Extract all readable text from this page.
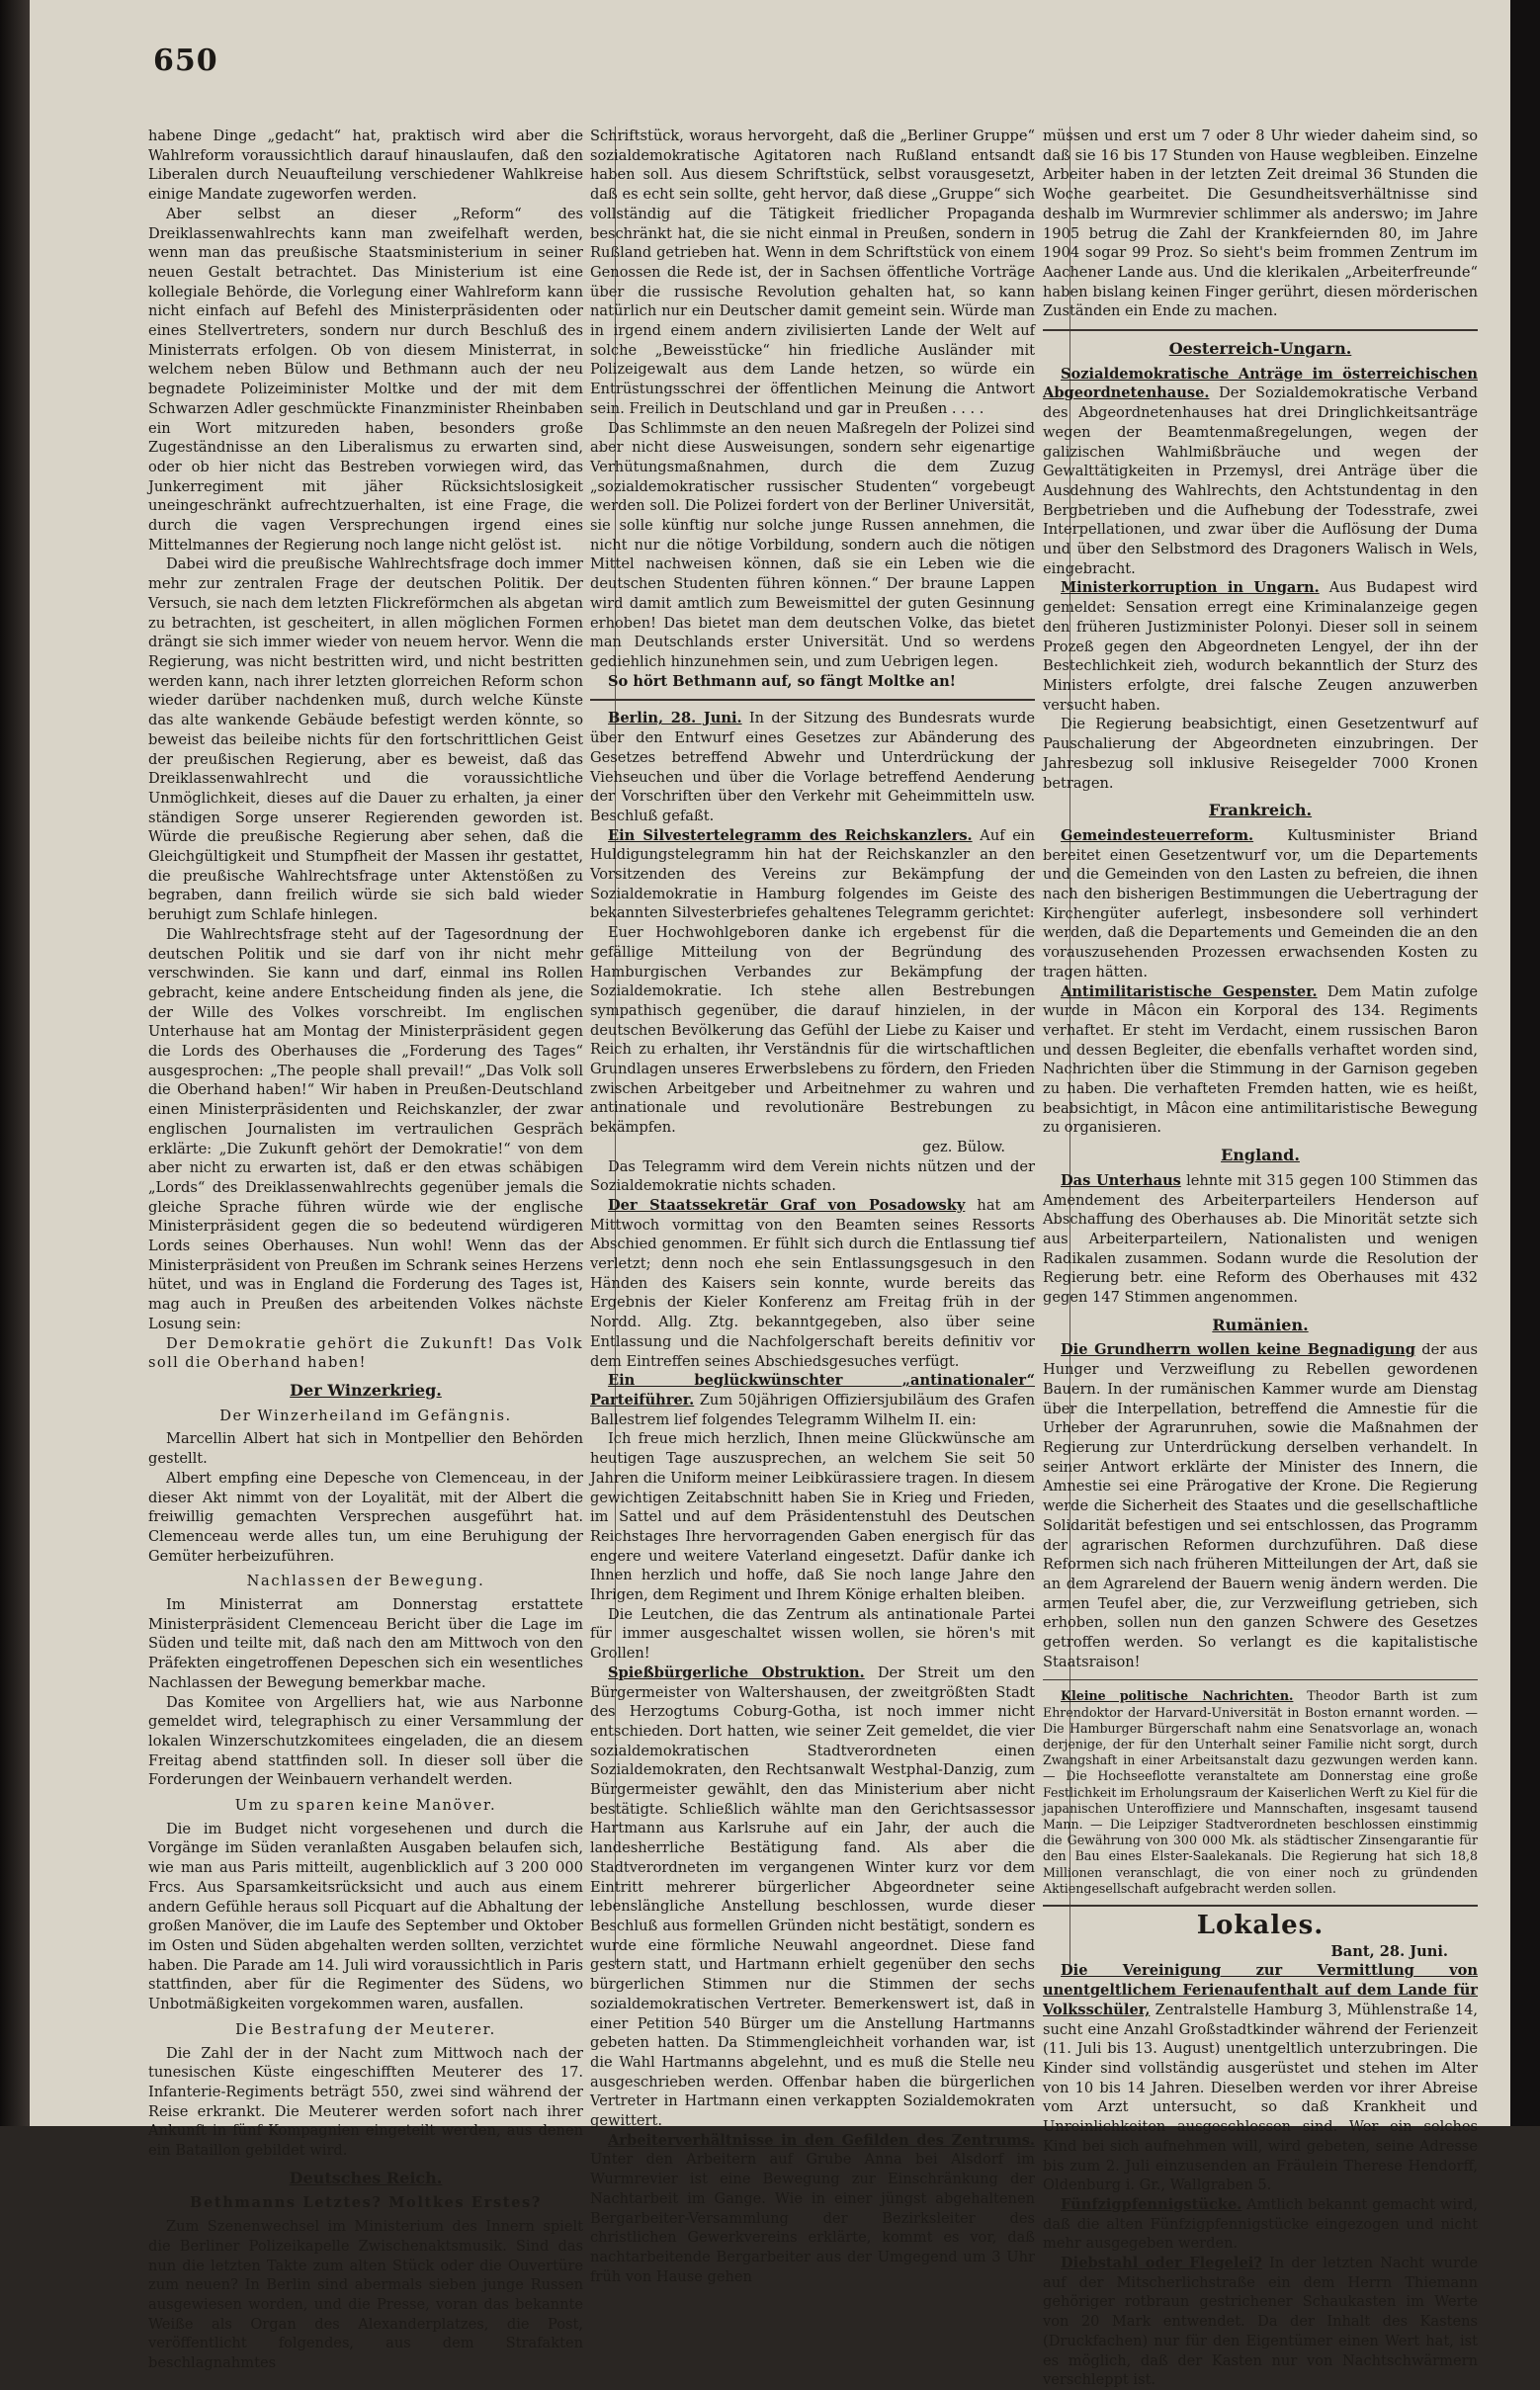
650

habene Dinge „gedacht“ hat, praktisch wird aber die Wahlreform voraussichtlich darauf hinauslaufen, daß den Liberalen durch Neuaufteilung verschiedener Wahlkreise einige Mandate zugeworfen werden.

Aber selbst an dieser „Reform“ des Dreiklassenwahlrechts kann man zweifelhaft werden, wenn man das preußische Staatsministerium in seiner neuen Gestalt betrachtet. Das Ministerium ist eine kollegiale Behörde, die Vorlegung einer Wahlreform kann nicht einfach auf Befehl des Ministerpräsidenten oder eines Stellvertreters, sondern nur durch Beschluß des Ministerrats erfolgen. Ob von diesem Ministerrat, in welchem neben Bülow und Bethmann auch der neu begnadete Polizeiminister Moltke und der mit dem Schwarzen Adler geschmückte Finanzminister Rheinbaben ein Wort mitzureden haben, besonders große Zugeständnisse an den Liberalismus zu erwarten sind, oder ob hier nicht das Bestreben vorwiegen wird, das Junkerregiment mit jäher Rücksichtslosigkeit uneingeschränkt aufrechtzuerhalten, ist eine Frage, die durch die vagen Versprechungen irgend eines Mittelmannes der Regierung noch lange nicht gelöst ist.

Dabei wird die preußische Wahlrechtsfrage doch immer mehr zur zentralen Frage der deutschen Politik. Der Versuch, sie nach dem letzten Flickreförmchen als abgetan zu betrachten, ist gescheitert, in allen möglichen Formen drängt sie sich immer wieder von neuem hervor. Wenn die Regierung, was nicht bestritten wird, und nicht bestritten werden kann, nach ihrer letzten glorreichen Reform schon wieder darüber nachdenken muß, durch welche Künste das alte wankende Gebäude befestigt werden könnte, so beweist das beileibe nichts für den fortschrittlichen Geist der preußischen Regierung, aber es beweist, daß das Dreiklassenwahlrecht und die voraussichtliche Unmöglichkeit, dieses auf die Dauer zu erhalten, ja einer ständigen Sorge unserer Regierenden geworden ist. Würde die preußische Regierung aber sehen, daß die Gleichgültigkeit und Stumpfheit der Massen ihr gestattet, die preußische Wahlrechtsfrage unter Aktenstößen zu begraben, dann freilich würde sie sich bald wieder beruhigt zum Schlafe hinlegen.

Die Wahlrechtsfrage steht auf der Tagesordnung der deutschen Politik und sie darf von ihr nicht mehr verschwinden. Sie kann und darf, einmal ins Rollen gebracht, keine andere Entscheidung finden als jene, die der Wille des Volkes vorschreibt. Im englischen Unterhause hat am Montag der Ministerpräsident gegen die Lords des Oberhauses die „Forderung des Tages“ ausgesprochen: „The people shall prevail!“ „Das Volk soll die Oberhand haben!“ Wir haben in Preußen-Deutschland einen Ministerpräsidenten und Reichskanzler, der zwar englischen Journalisten im vertraulichen Gespräch erklärte: „Die Zukunft gehört der Demokratie!“ von dem aber nicht zu erwarten ist, daß er den etwas schäbigen „Lords“ des Dreiklassenwahlrechts gegenüber jemals die gleiche Sprache führen würde wie der englische Ministerpräsident gegen die so bedeutend würdigeren Lords seines Oberhauses. Nun wohl! Wenn das der Ministerpräsident von Preußen im Schrank seines Herzens hütet, und was in England die Forderung des Tages ist, mag auch in Preußen des arbeitenden Volkes nächste Losung sein:

Der Demokratie gehört die Zukunft! Das Volk soll die Oberhand haben!

Der Winzerkrieg.
Der Winzerheiland im Gefängnis.

Marcellin Albert hat sich in Montpellier den Behörden gestellt.

Albert empfing eine Depesche von Clemenceau, in der dieser Akt nimmt von der Loyalität, mit der Albert die freiwillig gemachten Versprechen ausgeführt hat. Clemenceau werde alles tun, um eine Beruhigung der Gemüter herbeizuführen.

Nachlassen der Bewegung.

Im Ministerrat am Donnerstag erstattete Ministerpräsident Clemenceau Bericht über die Lage im Süden und teilte mit, daß nach den am Mittwoch von den Präfekten eingetroffenen Depeschen sich ein wesentliches Nachlassen der Bewegung bemerkbar mache.

Das Komitee von Argelliers hat, wie aus Narbonne gemeldet wird, telegraphisch zu einer Versammlung der lokalen Winzerschutzkomitees eingeladen, die an diesem Freitag abend stattfinden soll. In dieser soll über die Forderungen der Weinbauern verhandelt werden.

Um zu sparen keine Manöver.

Die im Budget nicht vorgesehenen und durch die Vorgänge im Süden veranlaßten Ausgaben belaufen sich, wie man aus Paris mitteilt, augenblicklich auf 3 200 000 Frcs. Aus Sparsamkeitsrücksicht und auch aus einem andern Gefühle heraus soll Picquart auf die Abhaltung der großen Manöver, die im Laufe des September und Oktober im Osten und Süden abgehalten werden sollten, verzichtet haben. Die Parade am 14. Juli wird voraussichtlich in Paris stattfinden, aber für die Regimenter des Südens, wo Unbotmäßigkeiten vorgekommen waren, ausfallen.

Die Bestrafung der Meuterer.

Die Zahl der in der Nacht zum Mittwoch nach der tunesischen Küste eingeschifften Meuterer des 17. Infanterie-Regiments beträgt 550, zwei sind während der Reise erkrankt. Die Meuterer werden sofort nach ihrer Ankunft in fünf Kompagnien eingeteilt werden, aus denen ein Bataillon gebildet wird.

Deutsches Reich.
Bethmanns Letztes? Moltkes Erstes?

Zum Szenenwechsel im Ministerium des Innern spielt die Berliner Polizeikapelle Zwischenaktsmusik. Sind das nun die letzten Takte zum alten Stück oder die Ouvertüre zum neuen? In Berlin sind abermals sieben junge Russen ausgewiesen worden, und die Presse, voran das bekannte Weiße als Organ des Alexanderplatzes, die Post, veröffentlicht folgendes, aus dem Strafakten beschlagnahmtes

Schriftstück, woraus hervorgeht, daß die „Berliner Gruppe“ sozialdemokratische Agitatoren nach Rußland entsandt haben soll. Aus diesem Schriftstück, selbst vorausgesetzt, daß es echt sein sollte, geht hervor, daß diese „Gruppe“ sich vollständig auf die Tätigkeit friedlicher Propaganda beschränkt hat, die sie nicht einmal in Preußen, sondern in Rußland getrieben hat. Wenn in dem Schriftstück von einem Genossen die Rede ist, der in Sachsen öffentliche Vorträge über die russische Revolution gehalten hat, so kann natürlich nur ein Deutscher damit gemeint sein. Würde man in irgend einem andern zivilisierten Lande der Welt auf solche „Beweisstücke“ hin friedliche Ausländer mit Polizeigewalt aus dem Lande hetzen, so würde ein Entrüstungsschrei der öffentlichen Meinung die Antwort sein. Freilich in Deutschland und gar in Preußen . . . .

Das Schlimmste an den neuen Maßregeln der Polizei sind aber nicht diese Ausweisungen, sondern sehr eigenartige Verhütungsmaßnahmen, durch die dem Zuzug „sozialdemokratischer russischer Studenten“ vorgebeugt werden soll. Die Polizei fordert von der Berliner Universität, sie solle künftig nur solche junge Russen annehmen, die nicht nur die nötige Vorbildung, sondern auch die nötigen Mittel nachweisen können, daß sie ein Leben wie die deutschen Studenten führen können.“ Der braune Lappen wird damit amtlich zum Beweismittel der guten Gesinnung erhoben! Das bietet man dem deutschen Volke, das bietet man Deutschlands erster Universität. Und so werdens gediehlich hinzunehmen sein, und zum Uebrigen legen.

So hört Bethmann auf, so fängt Moltke an!

Berlin, 28. Juni. In der Sitzung des Bundesrats wurde über den Entwurf eines Gesetzes zur Abänderung des Gesetzes betreffend Abwehr und Unterdrückung der Viehseuchen und über die Vorlage betreffend Aenderung der Vorschriften über den Verkehr mit Geheimmitteln usw. Beschluß gefaßt.

Ein Silvestertelegramm des Reichskanzlers. Auf ein Huldigungstelegramm hin hat der Reichskanzler an den Vorsitzenden des Vereins zur Bekämpfung der Sozialdemokratie in Hamburg folgendes im Geiste des bekannten Silvesterbriefes gehaltenes Telegramm gerichtet:

Euer Hochwohlgeboren danke ich ergebenst für die gefällige Mitteilung von der Begründung des Hamburgischen Verbandes zur Bekämpfung der Sozialdemokratie. Ich stehe allen Bestrebungen sympathisch gegenüber, die darauf hinzielen, in der deutschen Bevölkerung das Gefühl der Liebe zu Kaiser und Reich zu erhalten, ihr Verständnis für die wirtschaftlichen Grundlagen unseres Erwerbslebens zu fördern, den Frieden zwischen Arbeitgeber und Arbeitnehmer zu wahren und antinationale und revolutionäre Bestrebungen zu bekämpfen.

gez. Bülow.

Das Telegramm wird dem Verein nichts nützen und der Sozialdemokratie nichts schaden.

Der Staatssekretär Graf von Posadowsky hat am Mittwoch vormittag von den Beamten seines Ressorts Abschied genommen. Er fühlt sich durch die Entlassung tief verletzt; denn noch ehe sein Entlassungsgesuch in den Händen des Kaisers sein konnte, wurde bereits das Ergebnis der Kieler Konferenz am Freitag früh in der Nordd. Allg. Ztg. bekanntgegeben, also über seine Entlassung und die Nachfolgerschaft bereits definitiv vor dem Eintreffen seines Abschiedsgesuches verfügt.

Ein beglückwünschter „antinationaler“ Parteiführer. Zum 50jährigen Offiziersjubiläum des Grafen Ballestrem lief folgendes Telegramm Wilhelm II. ein:

Ich freue mich herzlich, Ihnen meine Glückwünsche am heutigen Tage auszusprechen, an welchem Sie seit 50 Jahren die Uniform meiner Leibkürassiere tragen. In diesem gewichtigen Zeitabschnitt haben Sie in Krieg und Frieden, im Sattel und auf dem Präsidentenstuhl des Deutschen Reichstages Ihre hervorragenden Gaben energisch für das engere und weitere Vaterland eingesetzt. Dafür danke ich Ihnen herzlich und hoffe, daß Sie noch lange Jahre den Ihrigen, dem Regiment und Ihrem Könige erhalten bleiben.

Die Leutchen, die das Zentrum als antinationale Partei für immer ausgeschaltet wissen wollen, sie hören's mit Grollen!

Spießbürgerliche Obstruktion. Der Streit um den Bürgermeister von Waltershausen, der zweitgrößten Stadt des Herzogtums Coburg-Gotha, ist noch immer nicht entschieden. Dort hatten, wie seiner Zeit gemeldet, die vier sozialdemokratischen Stadtverordneten einen Sozialdemokraten, den Rechtsanwalt Westphal-Danzig, zum Bürgermeister gewählt, den das Ministerium aber nicht bestätigte. Schließlich wählte man den Gerichtsassessor Hartmann aus Karlsruhe auf ein Jahr, der auch die landesherrliche Bestätigung fand. Als aber die Stadtverordneten im vergangenen Winter kurz vor dem Eintritt mehrerer bürgerlicher Abgeordneter seine lebenslängliche Anstellung beschlossen, wurde dieser Beschluß aus formellen Gründen nicht bestätigt, sondern es wurde eine förmliche Neuwahl angeordnet. Diese fand gestern statt, und Hartmann erhielt gegenüber den sechs bürgerlichen Stimmen nur die Stimmen der sechs sozialdemokratischen Vertreter. Bemerkenswert ist, daß in einer Petition 540 Bürger um die Anstellung Hartmanns gebeten hatten. Da Stimmengleichheit vorhanden war, ist die Wahl Hartmanns abgelehnt, und es muß die Stelle neu ausgeschrieben werden. Offenbar haben die bürgerlichen Vertreter in Hartmann einen verkappten Sozialdemokraten gewittert.

Arbeiterverhältnisse in den Gefilden des Zentrums. Unter den Arbeitern auf Grube Anna bei Alsdorf im Wurmrevier ist eine Bewegung zur Einschränkung der Nachtarbeit im Gange. Wie in einer jüngst abgehaltenen Bergarbeiter-Versammlung der Bezirksleiter des christlichen Gewerkvereins erklärte, kommt es vor, daß nachtarbeitende Bergarbeiter aus der Umgegend um 3 Uhr früh von Hause gehen

müssen und erst um 7 oder 8 Uhr wieder daheim sind, so daß sie 16 bis 17 Stunden von Hause wegbleiben. Einzelne Arbeiter haben in der letzten Zeit dreimal 36 Stunden die Woche gearbeitet. Die Gesundheitsverhältnisse sind deshalb im Wurmrevier schlimmer als anderswo; im Jahre 1905 betrug die Zahl der Krankfeiernden 80, im Jahre 1904 sogar 99 Proz. So sieht's beim frommen Zentrum im Aachener Lande aus. Und die klerikalen „Arbeiterfreunde“ haben bislang keinen Finger gerührt, diesen mörderischen Zuständen ein Ende zu machen.

Oesterreich-Ungarn.

Sozialdemokratische Anträge im österreichischen Abgeordnetenhause. Der Sozialdemokratische Verband des Abgeordnetenhauses hat drei Dringlichkeitsanträge wegen der Beamtenmaßregelungen, wegen der galizischen Wahlmißbräuche und wegen der Gewalttätigkeiten in Przemysl, drei Anträge über die Ausdehnung des Wahlrechts, den Achtstundentag in den Bergbetrieben und die Aufhebung der Todesstrafe, zwei Interpellationen, und zwar über die Auflösung der Duma und über den Selbstmord des Dragoners Walisch in Wels, eingebracht.

Ministerkorruption in Ungarn. Aus Budapest wird gemeldet: Sensation erregt eine Kriminalanzeige gegen den früheren Justizminister Polonyi. Dieser soll in seinem Prozeß gegen den Abgeordneten Lengyel, der ihn der Bestechlichkeit zieh, wodurch bekanntlich der Sturz des Ministers erfolgte, drei falsche Zeugen anzuwerben versucht haben.

Die Regierung beabsichtigt, einen Gesetzentwurf auf Pauschalierung der Abgeordneten einzubringen. Der Jahresbezug soll inklusive Reisegelder 7000 Kronen betragen.

Frankreich.

Gemeindesteuerreform. Kultusminister Briand bereitet einen Gesetzentwurf vor, um die Departements und die Gemeinden von den Lasten zu befreien, die ihnen nach den bisherigen Bestimmungen die Uebertragung der Kirchengüter auferlegt, insbesondere soll verhindert werden, daß die Departements und Gemeinden die an den vorauszusehenden Prozessen erwachsenden Kosten zu tragen hätten.

Antimilitaristische Gespenster. Dem Matin zufolge wurde in Mâcon ein Korporal des 134. Regiments verhaftet. Er steht im Verdacht, einem russischen Baron und dessen Begleiter, die ebenfalls verhaftet worden sind, Nachrichten über die Stimmung in der Garnison gegeben zu haben. Die verhafteten Fremden hatten, wie es heißt, beabsichtigt, in Mâcon eine antimilitaristische Bewegung zu organisieren.

England.

Das Unterhaus lehnte mit 315 gegen 100 Stimmen das Amendement des Arbeiterparteilers Henderson auf Abschaffung des Oberhauses ab. Die Minorität setzte sich aus Arbeiterparteilern, Nationalisten und wenigen Radikalen zusammen. Sodann wurde die Resolution der Regierung betr. eine Reform des Oberhauses mit 432 gegen 147 Stimmen angenommen.

Rumänien.

Die Grundherrn wollen keine Begnadigung der aus Hunger und Verzweiflung zu Rebellen gewordenen Bauern. In der rumänischen Kammer wurde am Dienstag über die Interpellation, betreffend die Amnestie für die Urheber der Agrarunruhen, sowie die Maßnahmen der Regierung zur Unterdrückung derselben verhandelt. In seiner Antwort erklärte der Minister des Innern, die Amnestie sei eine Prärogative der Krone. Die Regierung werde die Sicherheit des Staates und die gesellschaftliche Solidarität befestigen und sei entschlossen, das Programm der agrarischen Reformen durchzuführen. Daß diese Reformen sich nach früheren Mitteilungen der Art, daß sie an dem Agrarelend der Bauern wenig ändern werden. Die armen Teufel aber, die, zur Verzweiflung getrieben, sich erhoben, sollen nun den ganzen Schwere des Gesetzes getroffen werden. So verlangt es die kapitalistische Staatsraison!

Kleine politische Nachrichten. Theodor Barth ist zum Ehrendoktor der Harvard-Universität in Boston ernannt worden. — Die Hamburger Bürgerschaft nahm eine Senatsvorlage an, wonach derjenige, der für den Unterhalt seiner Familie nicht sorgt, durch Zwangshaft in einer Arbeitsanstalt dazu gezwungen werden kann. — Die Hochseeflotte veranstaltete am Donnerstag eine große Festlichkeit im Erholungsraum der Kaiserlichen Werft zu Kiel für die japanischen Unteroffiziere und Mannschaften, insgesamt tausend Mann. — Die Leipziger Stadtverordneten beschlossen einstimmig die Gewährung von 300 000 Mk. als städtischer Zinsengarantie für den Bau eines Elster-Saalekanals. Die Regierung hat sich 18,8 Millionen veranschlagt, die von einer noch zu gründenden Aktiengesellschaft aufgebracht werden sollen.

Lokales.

Bant, 28. Juni.

Die Vereinigung zur Vermittlung von unentgeltlichem Ferienaufenthalt auf dem Lande für Volksschüler, Zentralstelle Hamburg 3, Mühlenstraße 14, sucht eine Anzahl Großstadtkinder während der Ferienzeit (11. Juli bis 13. August) unentgeltlich unterzubringen. Die Kinder sind vollständig ausgerüstet und stehen im Alter von 10 bis 14 Jahren. Dieselben werden vor ihrer Abreise vom Arzt untersucht, so daß Krankheit und Unreinlichkeiten ausgeschlossen sind. Wer ein solches Kind bei sich aufnehmen will, wird gebeten, seine Adresse bis zum 2. Juli einzusenden an Fräulein Therese Hendorff, Oldenburg i. Gr., Wallgraben 5.

Fünfzigpfennigstücke. Amtlich bekannt gemacht wird, daß die alten Fünfzigpfennigstücke eingezogen und nicht mehr ausgegeben werden.

Diebstahl oder Flegelei? In der letzten Nacht wurde auf der Mitscherlichstraße ein dem Herrn Thiemann gehöriger rotbraun gestrichener Schaukasten im Werte von 20 Mark entwendet. Da der Inhalt des Kastens (Druckfachen) nur für den Eigentümer einen Wert hat, ist es möglich, daß der Kasten nur von Nachtschwärmern verschleppt ist.
